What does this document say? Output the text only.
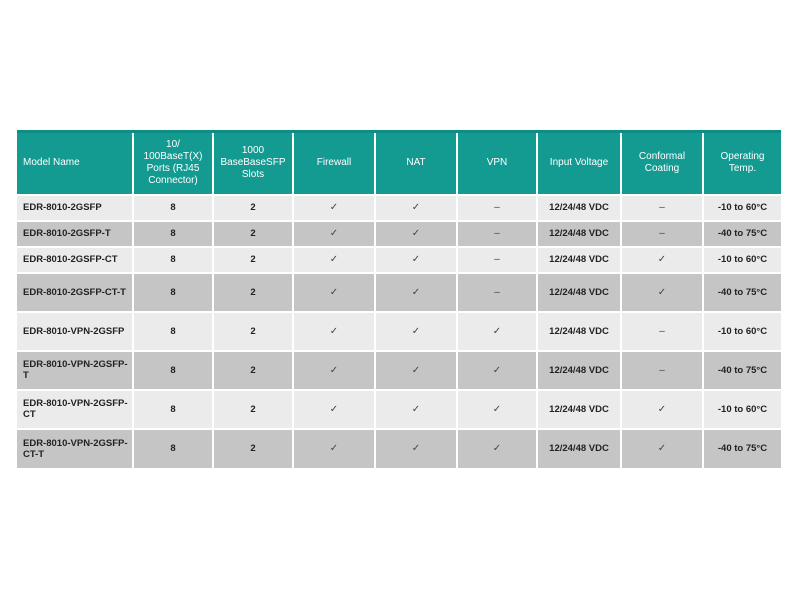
Model Name	10/ 100BaseT(X) Ports (RJ45 Connector)	1000 BaseBaseSFP Slots	Firewall	NAT	VPN	Input Voltage	Conformal Coating	Operating Temp.
EDR-8010-2GSFP	8	2	✓	✓	–	12/24/48 VDC	–	-10 to 60°C
EDR-8010-2GSFP-T	8	2	✓	✓	–	12/24/48 VDC	–	-40 to 75°C
EDR-8010-2GSFP-CT	8	2	✓	✓	–	12/24/48 VDC	✓	-10 to 60°C
EDR-8010-2GSFP-CT-T	8	2	✓	✓	–	12/24/48 VDC	✓	-40 to 75°C
EDR-8010-VPN-2GSFP	8	2	✓	✓	✓	12/24/48 VDC	–	-10 to 60°C
EDR-8010-VPN-2GSFP-T	8	2	✓	✓	✓	12/24/48 VDC	–	-40 to 75°C
EDR-8010-VPN-2GSFP-CT	8	2	✓	✓	✓	12/24/48 VDC	✓	-10 to 60°C
EDR-8010-VPN-2GSFP-CT-T	8	2	✓	✓	✓	12/24/48 VDC	✓	-40 to 75°C
